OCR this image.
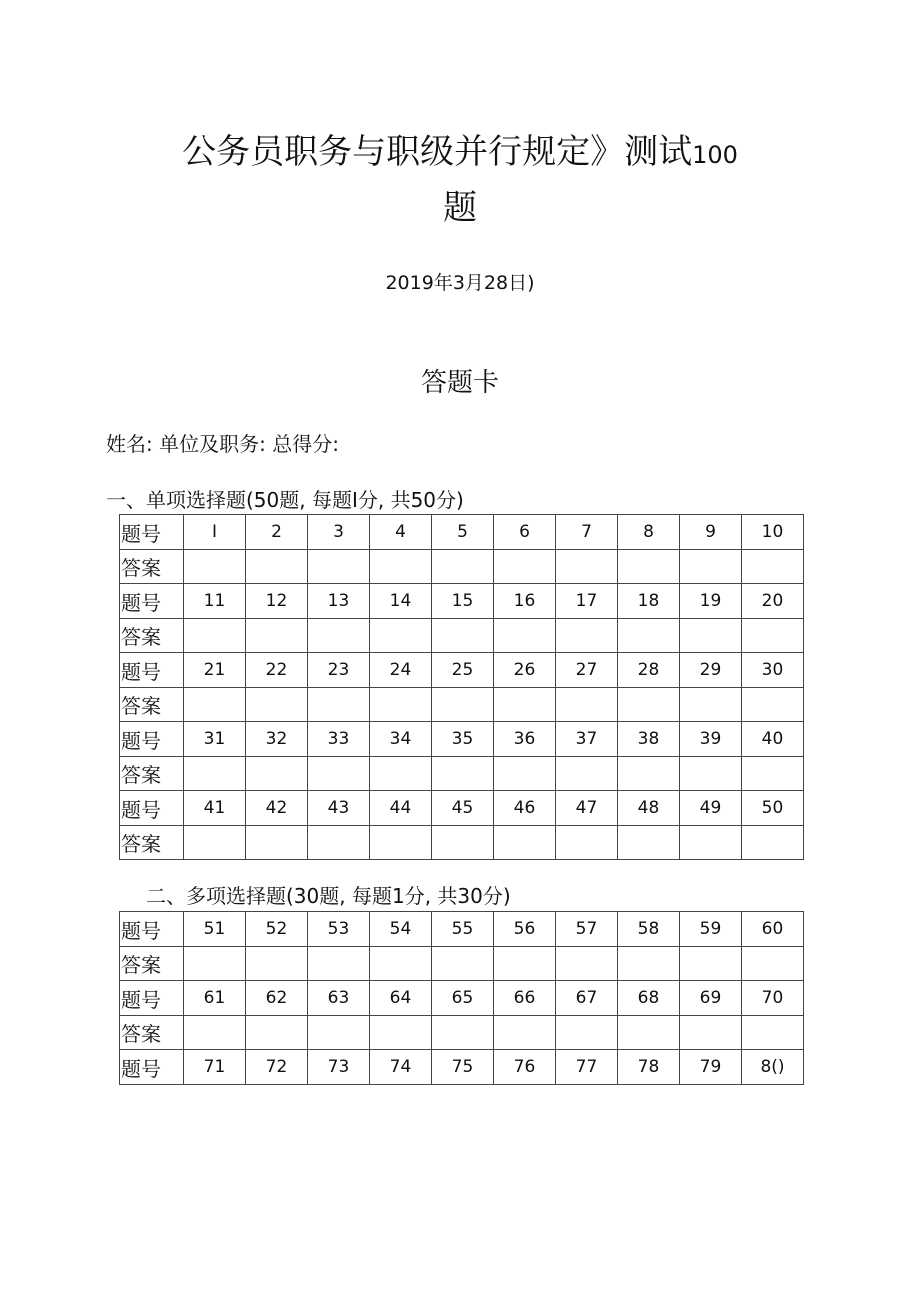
公务员职务与职级并行规定》测试100
题
2019年3月28日)
答题卡
姓名: 单位及职务: 总得分:
一、单项选择题(50题, 每题I分, 共50分)
题号	I	2	3	4	5	6	7	8	9	10
答案										
题号	11	12	13	14	15	16	17	18	19	20
答案										
题号	21	22	23	24	25	26	27	28	29	30
答案										
题号	31	32	33	34	35	36	37	38	39	40
答案										
题号	41	42	43	44	45	46	47	48	49	50
答案										
二、多项选择题(30题, 每题1分, 共30分)
题号	51	52	53	54	55	56	57	58	59	60
答案										
题号	61	62	63	64	65	66	67	68	69	70
答案										
题号	71	72	73	74	75	76	77	78	79	8()
